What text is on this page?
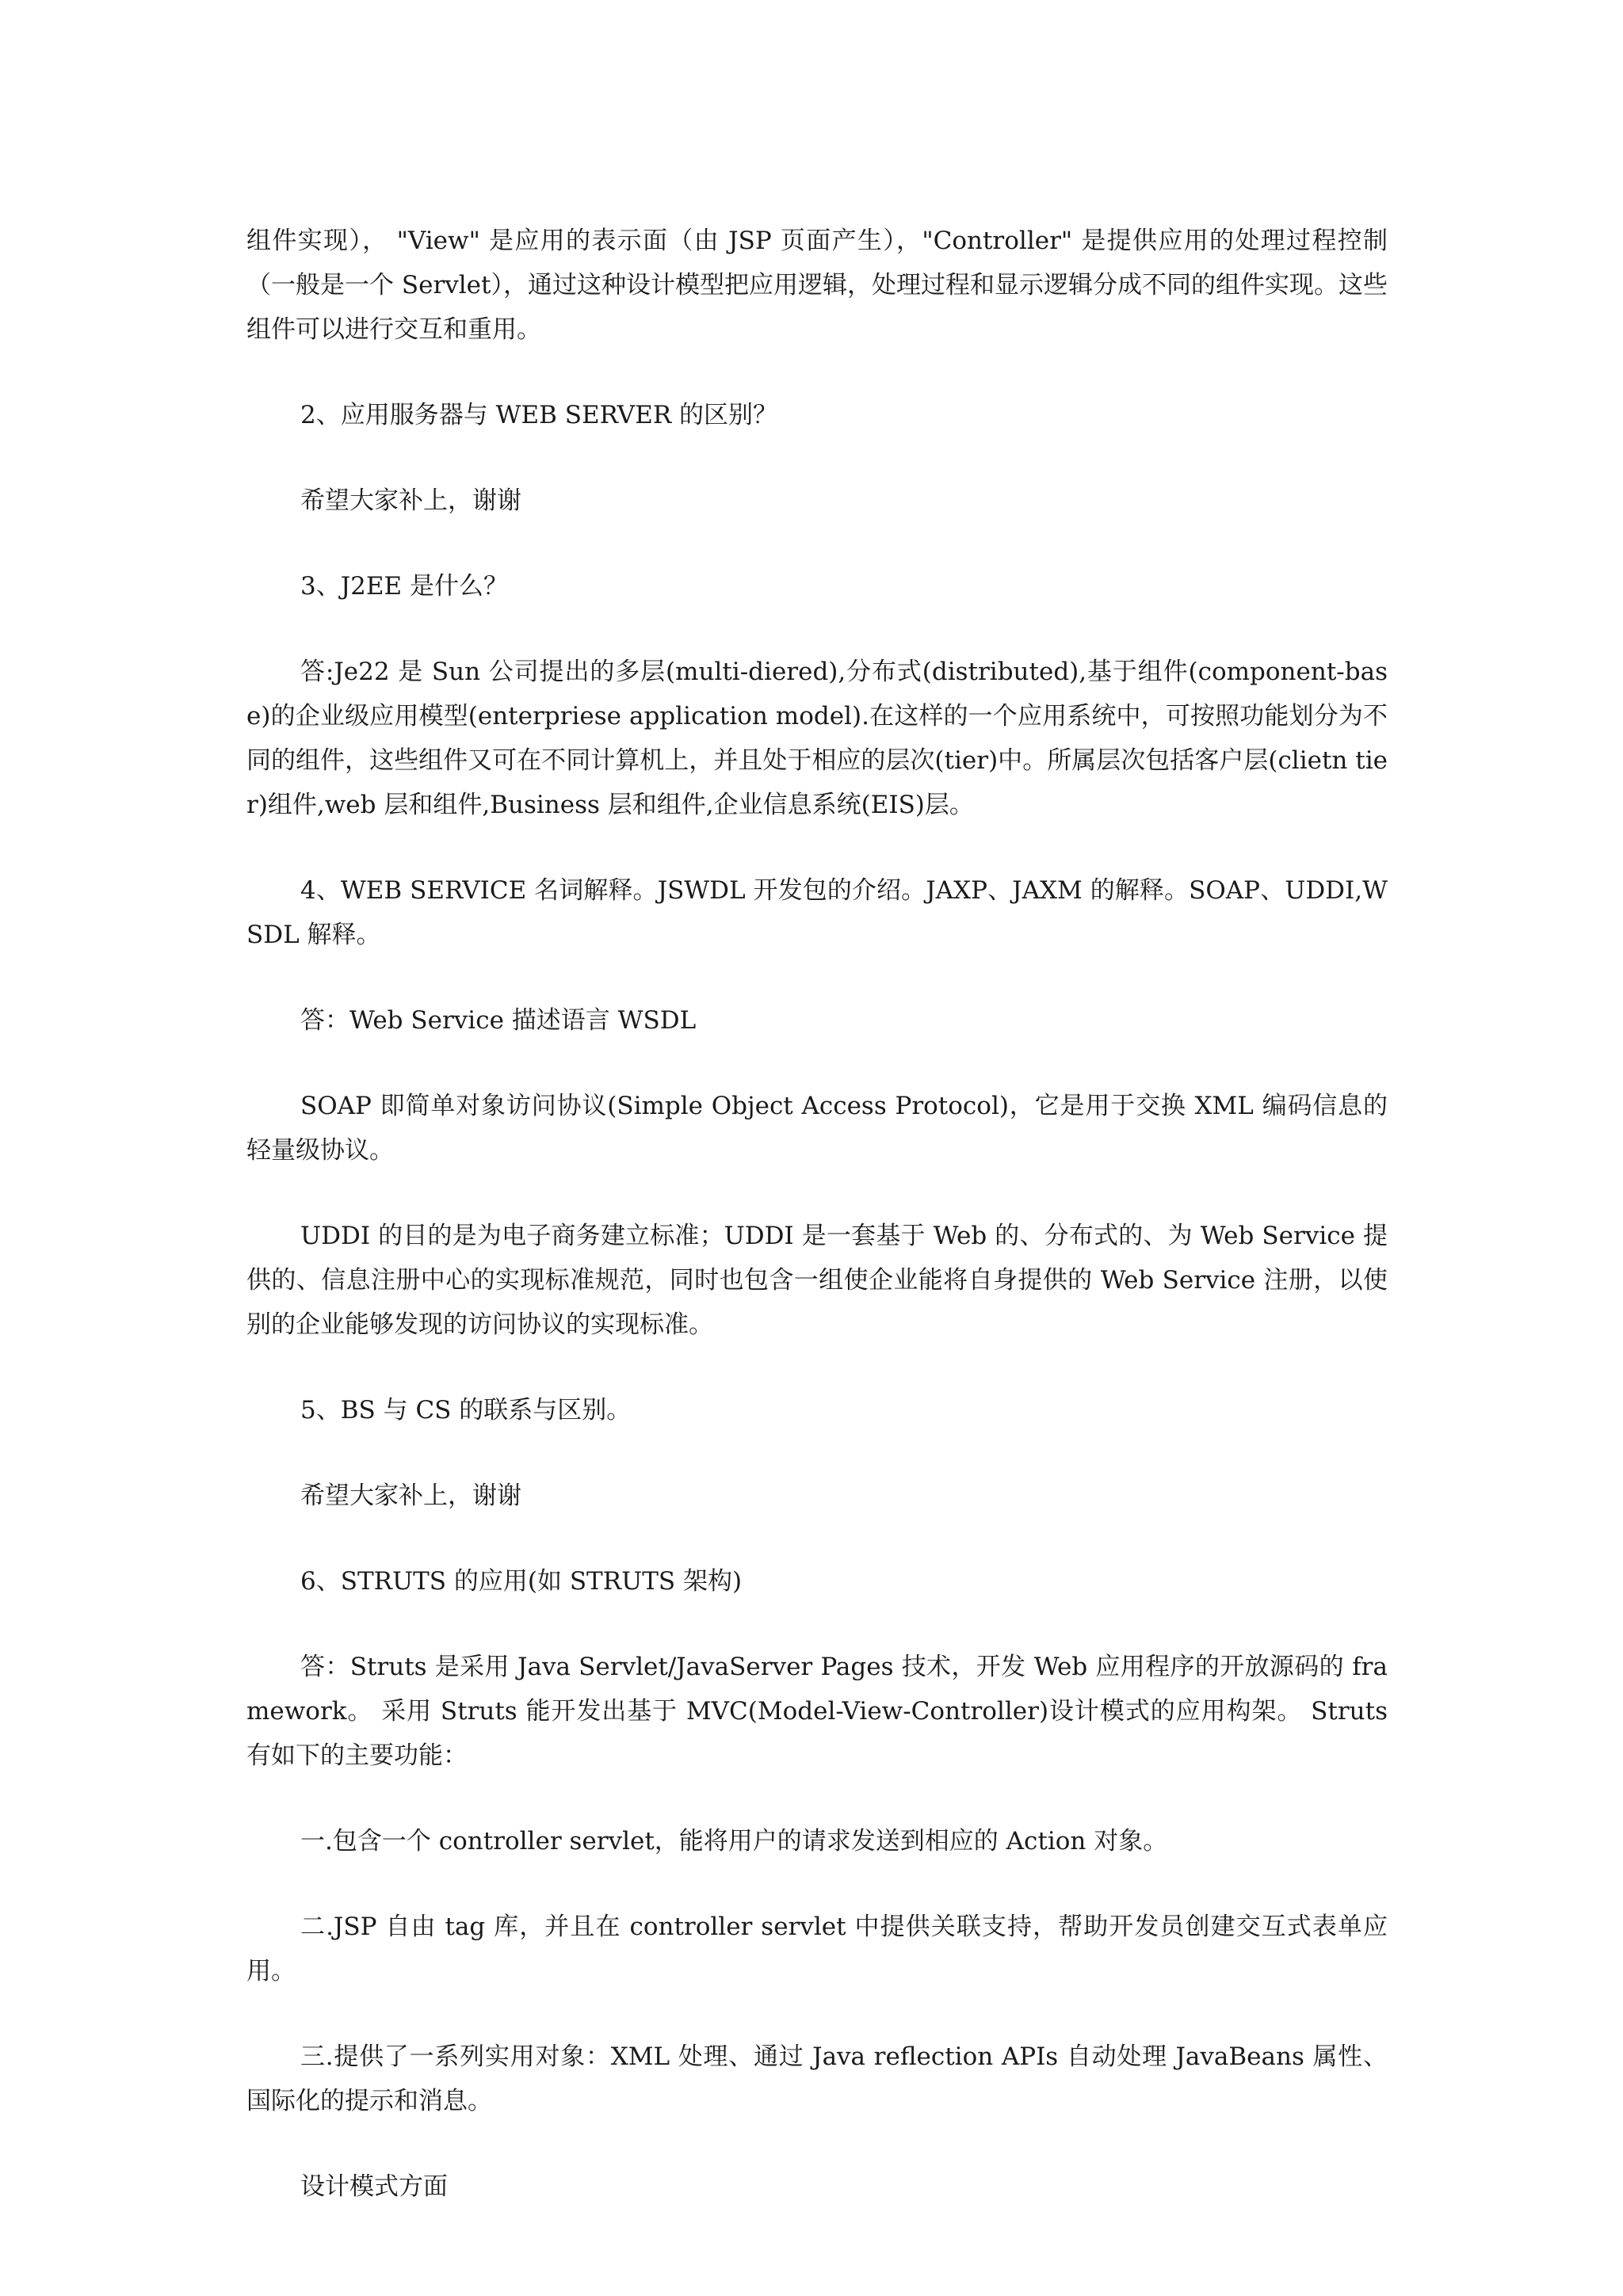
组件实现）， "View" 是应用的表示面（由 JSP 页面产生），"Controller" 是提供应用的处理过程控制（一般是一个 Servlet），通过这种设计模型把应用逻辑，处理过程和显示逻辑分成不同的组件实现。这些组件可以进行交互和重用。

2、应用服务器与 WEB SERVER 的区别？

希望大家补上，谢谢

3、J2EE 是什么？

答:Je22 是 Sun 公司提出的多层(multi-diered),分布式(distributed),基于组件(component-base)的企业级应用模型(enterpriese application model).在这样的一个应用系统中，可按照功能划分为不同的组件，这些组件又可在不同计算机上，并且处于相应的层次(tier)中。所属层次包括客户层(clietn tier)组件,web 层和组件,Business 层和组件,企业信息系统(EIS)层。

4、WEB SERVICE 名词解释。JSWDL 开发包的介绍。JAXP、JAXM 的解释。SOAP、UDDI,WSDL 解释。

答：Web Service 描述语言 WSDL

SOAP 即简单对象访问协议(Simple Object Access Protocol)，它是用于交换 XML 编码信息的轻量级协议。

UDDI 的目的是为电子商务建立标准；UDDI 是一套基于 Web 的、分布式的、为 Web Service 提供的、信息注册中心的实现标准规范，同时也包含一组使企业能将自身提供的 Web Service 注册，以使别的企业能够发现的访问协议的实现标准。

5、BS 与 CS 的联系与区别。

希望大家补上，谢谢

6、STRUTS 的应用(如 STRUTS 架构)

答：Struts 是采用 Java Servlet/JavaServer Pages 技术，开发 Web 应用程序的开放源码的 framework。 采用 Struts 能开发出基于 MVC(Model-View-Controller)设计模式的应用构架。 Struts 有如下的主要功能：

一.包含一个 controller servlet，能将用户的请求发送到相应的 Action 对象。

二.JSP 自由 tag 库，并且在 controller servlet 中提供关联支持，帮助开发员创建交互式表单应用。

三.提供了一系列实用对象：XML 处理、通过 Java reflection APIs 自动处理 JavaBeans 属性、国际化的提示和消息。

设计模式方面
